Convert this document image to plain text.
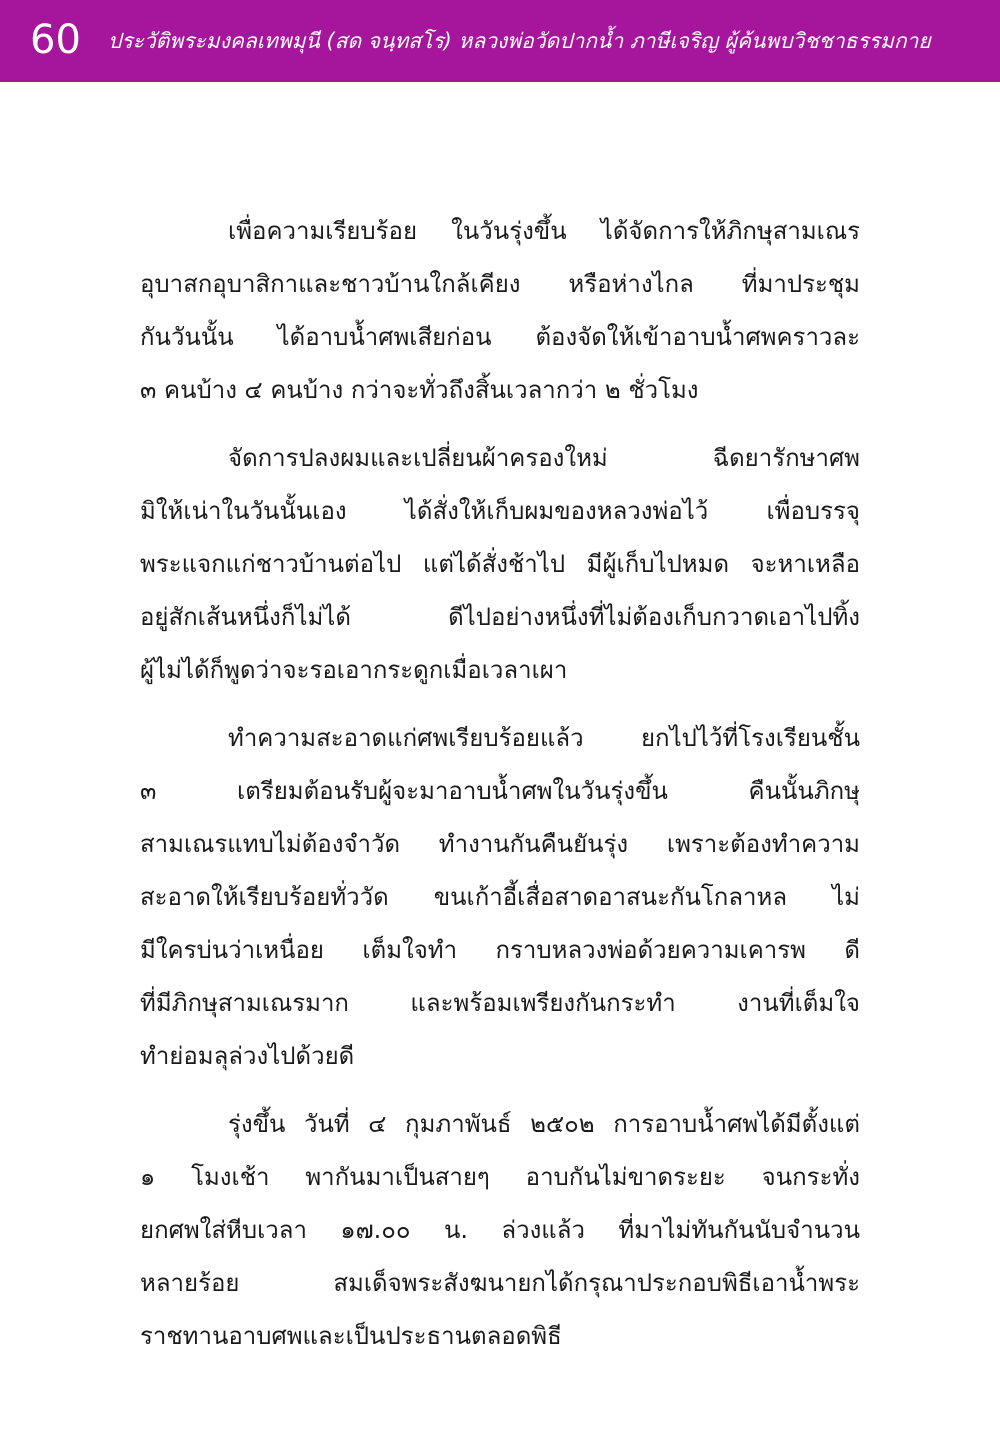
60 ประวัติพระมงคลเทพมุนี (สด จนฺทสโร) หลวงพ่อวัดปากน้ำ ภาษีเจริญ ผู้ค้นพบวิชชาธรรมกาย
เพื่อความเรียบร้อย ในวันรุ่งขึ้น ได้จัดการให้ภิกษุสามเณร
อุบาสกอุบาสิกาและชาวบ้านใกล้เคียง หรือห่างไกล ที่มาประชุม
กันวันนั้น ได้อาบน้ำศพเสียก่อน ต้องจัดให้เข้าอาบน้ำศพคราวละ
๓ คนบ้าง ๔ คนบ้าง กว่าจะทั่วถึงสิ้นเวลากว่า ๒ ชั่วโมง
จัดการปลงผมและเปลี่ยนผ้าครองใหม่ ฉีดยารักษาศพ
มิให้เน่าในวันนั้นเอง ได้สั่งให้เก็บผมของหลวงพ่อไว้ เพื่อบรรจุ
พระแจกแก่ชาวบ้านต่อไป แต่ได้สั่งช้าไป มีผู้เก็บไปหมด จะหาเหลือ
อยู่สักเส้นหนึ่งก็ไม่ได้ ดีไปอย่างหนึ่งที่ไม่ต้องเก็บกวาดเอาไปทิ้ง
ผู้ไม่ได้ก็พูดว่าจะรอเอากระดูกเมื่อเวลาเผา
ทำความสะอาดแก่ศพเรียบร้อยแล้ว ยกไปไว้ที่โรงเรียนชั้น
๓ เตรียมต้อนรับผู้จะมาอาบน้ำศพในวันรุ่งขึ้น คืนนั้นภิกษุ
สามเณรแทบไม่ต้องจำวัด ทำงานกันคืนยันรุ่ง เพราะต้องทำความ
สะอาดให้เรียบร้อยทั่ววัด ขนเก้าอี้เสื่อสาดอาสนะกันโกลาหล ไม่
มีใครบ่นว่าเหนื่อย เต็มใจทำ กราบหลวงพ่อด้วยความเคารพ ดี
ที่มีภิกษุสามเณรมาก และพร้อมเพรียงกันกระทำ งานที่เต็มใจ
ทำย่อมลุล่วงไปด้วยดี
รุ่งขึ้น วันที่ ๔ กุมภาพันธ์ ๒๕๐๒ การอาบน้ำศพได้มีตั้งแต่
๑ โมงเช้า พากันมาเป็นสายๆ อาบกันไม่ขาดระยะ จนกระทั่ง
ยกศพใส่หีบเวลา ๑๗.๐๐ น. ล่วงแล้ว ที่มาไม่ทันกันนับจำนวน
หลายร้อย สมเด็จพระสังฆนายกได้กรุณาประกอบพิธีเอาน้ำพระ
ราชทานอาบศพและเป็นประธานตลอดพิธี
